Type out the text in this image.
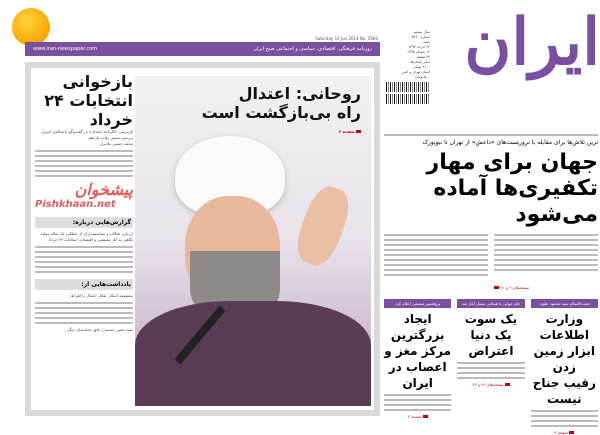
Saturday 14 Jun 2014 No. 5660
www.iran-newspaper.com	روزنامه فرهنگی، اقتصادی، سیاسی و اجتماعی صبح ایران	ایران
سال بیستم
شماره ۵۶۶۰
شنبه
۲۴ خرداد ۱۳۹۳
۱۶ شعبان ۱۴۳۵
۲۴ صفحه
سایر استان‌ها
۲۱۰۰ تومان
استان تهران و البرز
۵۰۰ تومان
بازخوانی انتخابات ۲۴ خرداد
بازپرسی «کارنامه اعتدال» در گفت‌وگو با صالحی امیری
بررسی مسیر دولت یازدهم
محمد حسین ملایری
پیشخوان
Pishkhaan.net
گزارش‌هایی درباره:
ارزیابی فعالان و سیاستمداران از عملکرد یک ساله دولت
نگاهی به آثار معیشتی و اقتصادی انتخابات ۲۴ خرداد
یادداشت‌هایی از:
معصومه ابتکار: تقابل اعتدال با افراط
سید حسن حسینی: خلق حماسه‌ای دیگر
روحانی: اعتدال
راه بی‌بازگشت است
صفحه ۲
ترین تلاش‌ها برای مقابله با تروریست‌های «داعش» از تهران تا نیویورک
جهان برای مهار
تکفیری‌ها آماده می‌شود
صفحه‌های ۲ و ۲۱
پروفسور سمیعی اعلام کرد
ایجاد بزرگترین
مرکز مغز و
اعصاب در ایران
صفحه ۲
جام جهانی با هیجانی بسیار آغاز شد
یک سوت
یک دنیا
اعتراض
صفحه‌های ۲۲ و ۲۳
حجت‌الاسلام سید محمود علوی:
وزارت اطلاعات
ابزار زمین زدن
رقیب جناح نیست
صفحه ۳
